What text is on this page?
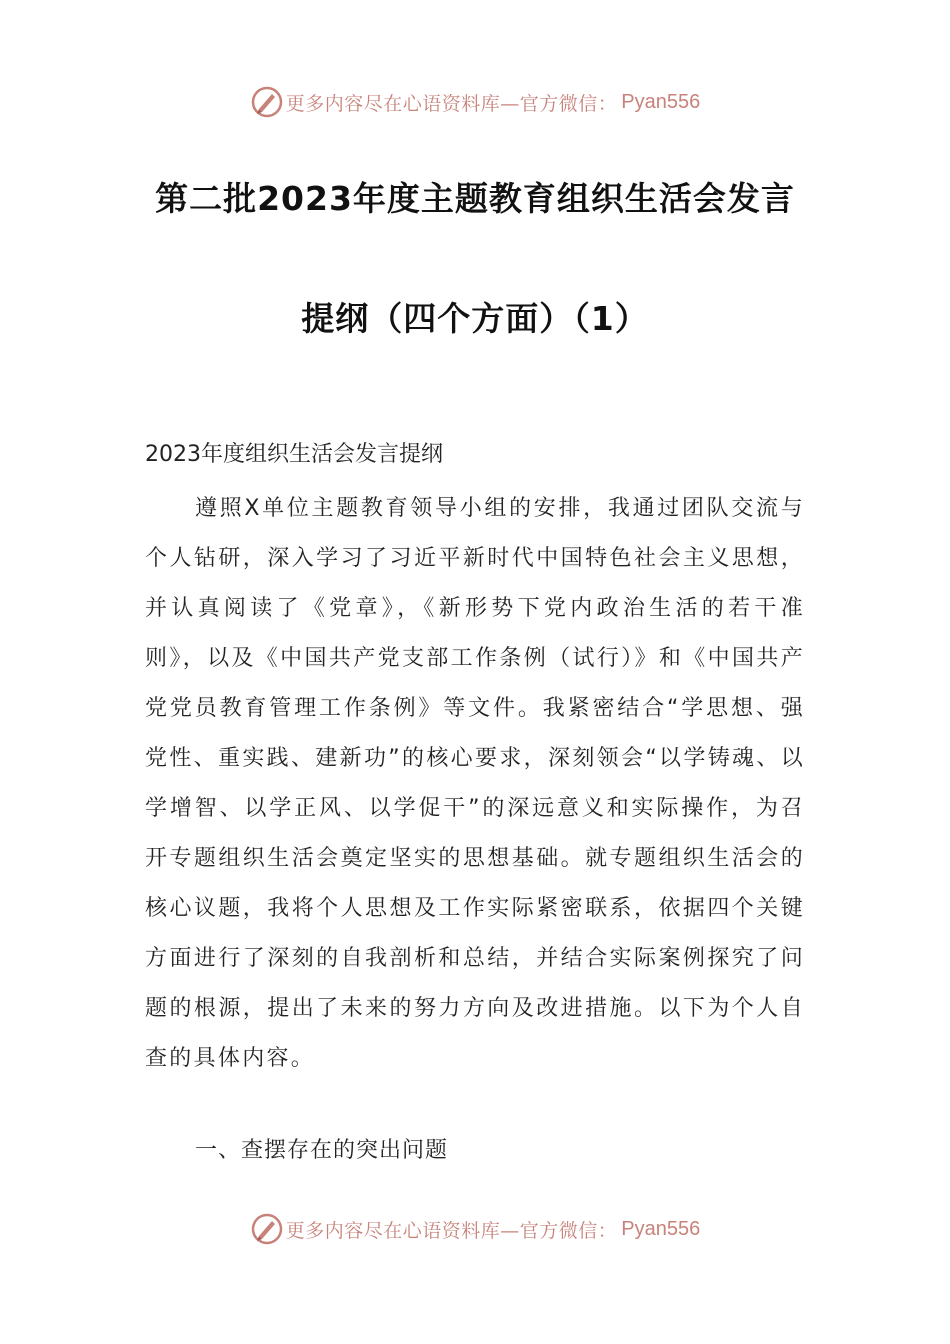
更多内容尽在心语资料库—官方微信： Pyan556
第二批2023年度主题教育组织生活会发言
提纲（四个方面）（1）
2023年度组织生活会发言提纲

遵照X单位主题教育领导小组的安排，我通过团队交流与个人钻研，深入学习了习近平新时代中国特色社会主义思想，并认真阅读了《党章》，《新形势下党内政治生活的若干准则》，以及《中国共产党支部工作条例（试行）》和《中国共产党党员教育管理工作条例》等文件。我紧密结合“学思想、强党性、重实践、建新功”的核心要求，深刻领会“以学铸魂、以学增智、以学正风、以学促干”的深远意义和实际操作，为召开专题组织生活会奠定坚实的思想基础。就专题组织生活会的核心议题，我将个人思想及工作实际紧密联系，依据四个关键方面进行了深刻的自我剖析和总结，并结合实际案例探究了问题的根源，提出了未来的努力方向及改进措施。以下为个人自查的具体内容。

一、查摆存在的突出问题
更多内容尽在心语资料库—官方微信： Pyan556
